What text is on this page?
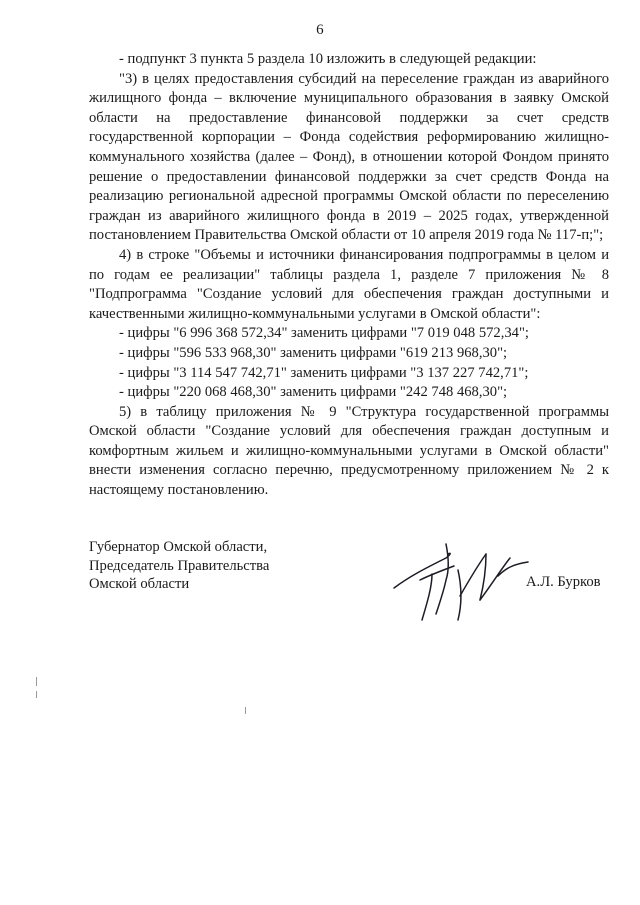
6

- подпункт 3 пункта 5 раздела 10 изложить в следующей редакции:

"3) в целях предоставления субсидий на переселение граждан из аварийного жилищного фонда – включение муниципального образования в заявку Омской области на предоставление финансовой поддержки за счет средств государственной корпорации – Фонда содействия реформированию жилищно-коммунального хозяйства (далее – Фонд), в отношении которой Фондом принято решение о предоставлении финансовой поддержки за счет средств Фонда на реализацию региональной адресной программы Омской области по переселению граждан из аварийного жилищного фонда в 2019 – 2025 годах, утвержденной постановлением Правительства Омской области от 10 апреля 2019 года № 117-п;";

4) в строке "Объемы и источники финансирования подпрограммы в целом и по годам ее реализации" таблицы раздела 1, разделе 7 приложения № 8 "Подпрограмма "Создание условий для обеспечения граждан доступными и качественными жилищно-коммунальными услугами в Омской области":

- цифры "6 996 368 572,34" заменить цифрами "7 019 048 572,34";
- цифры "596 533 968,30" заменить цифрами "619 213 968,30";
- цифры "3 114 547 742,71" заменить цифрами "3 137 227 742,71";
- цифры "220 068 468,30" заменить цифрами "242 748 468,30";

5) в таблицу приложения № 9 "Структура государственной программы Омской области "Создание условий для обеспечения граждан доступным и комфортным жильем и жилищно-коммунальными услугами в Омской области" внести изменения согласно перечню, предусмотренному приложением № 2 к настоящему постановлению.

Губернатор Омской области,
Председатель Правительства
Омской области	А.Л. Бурков
